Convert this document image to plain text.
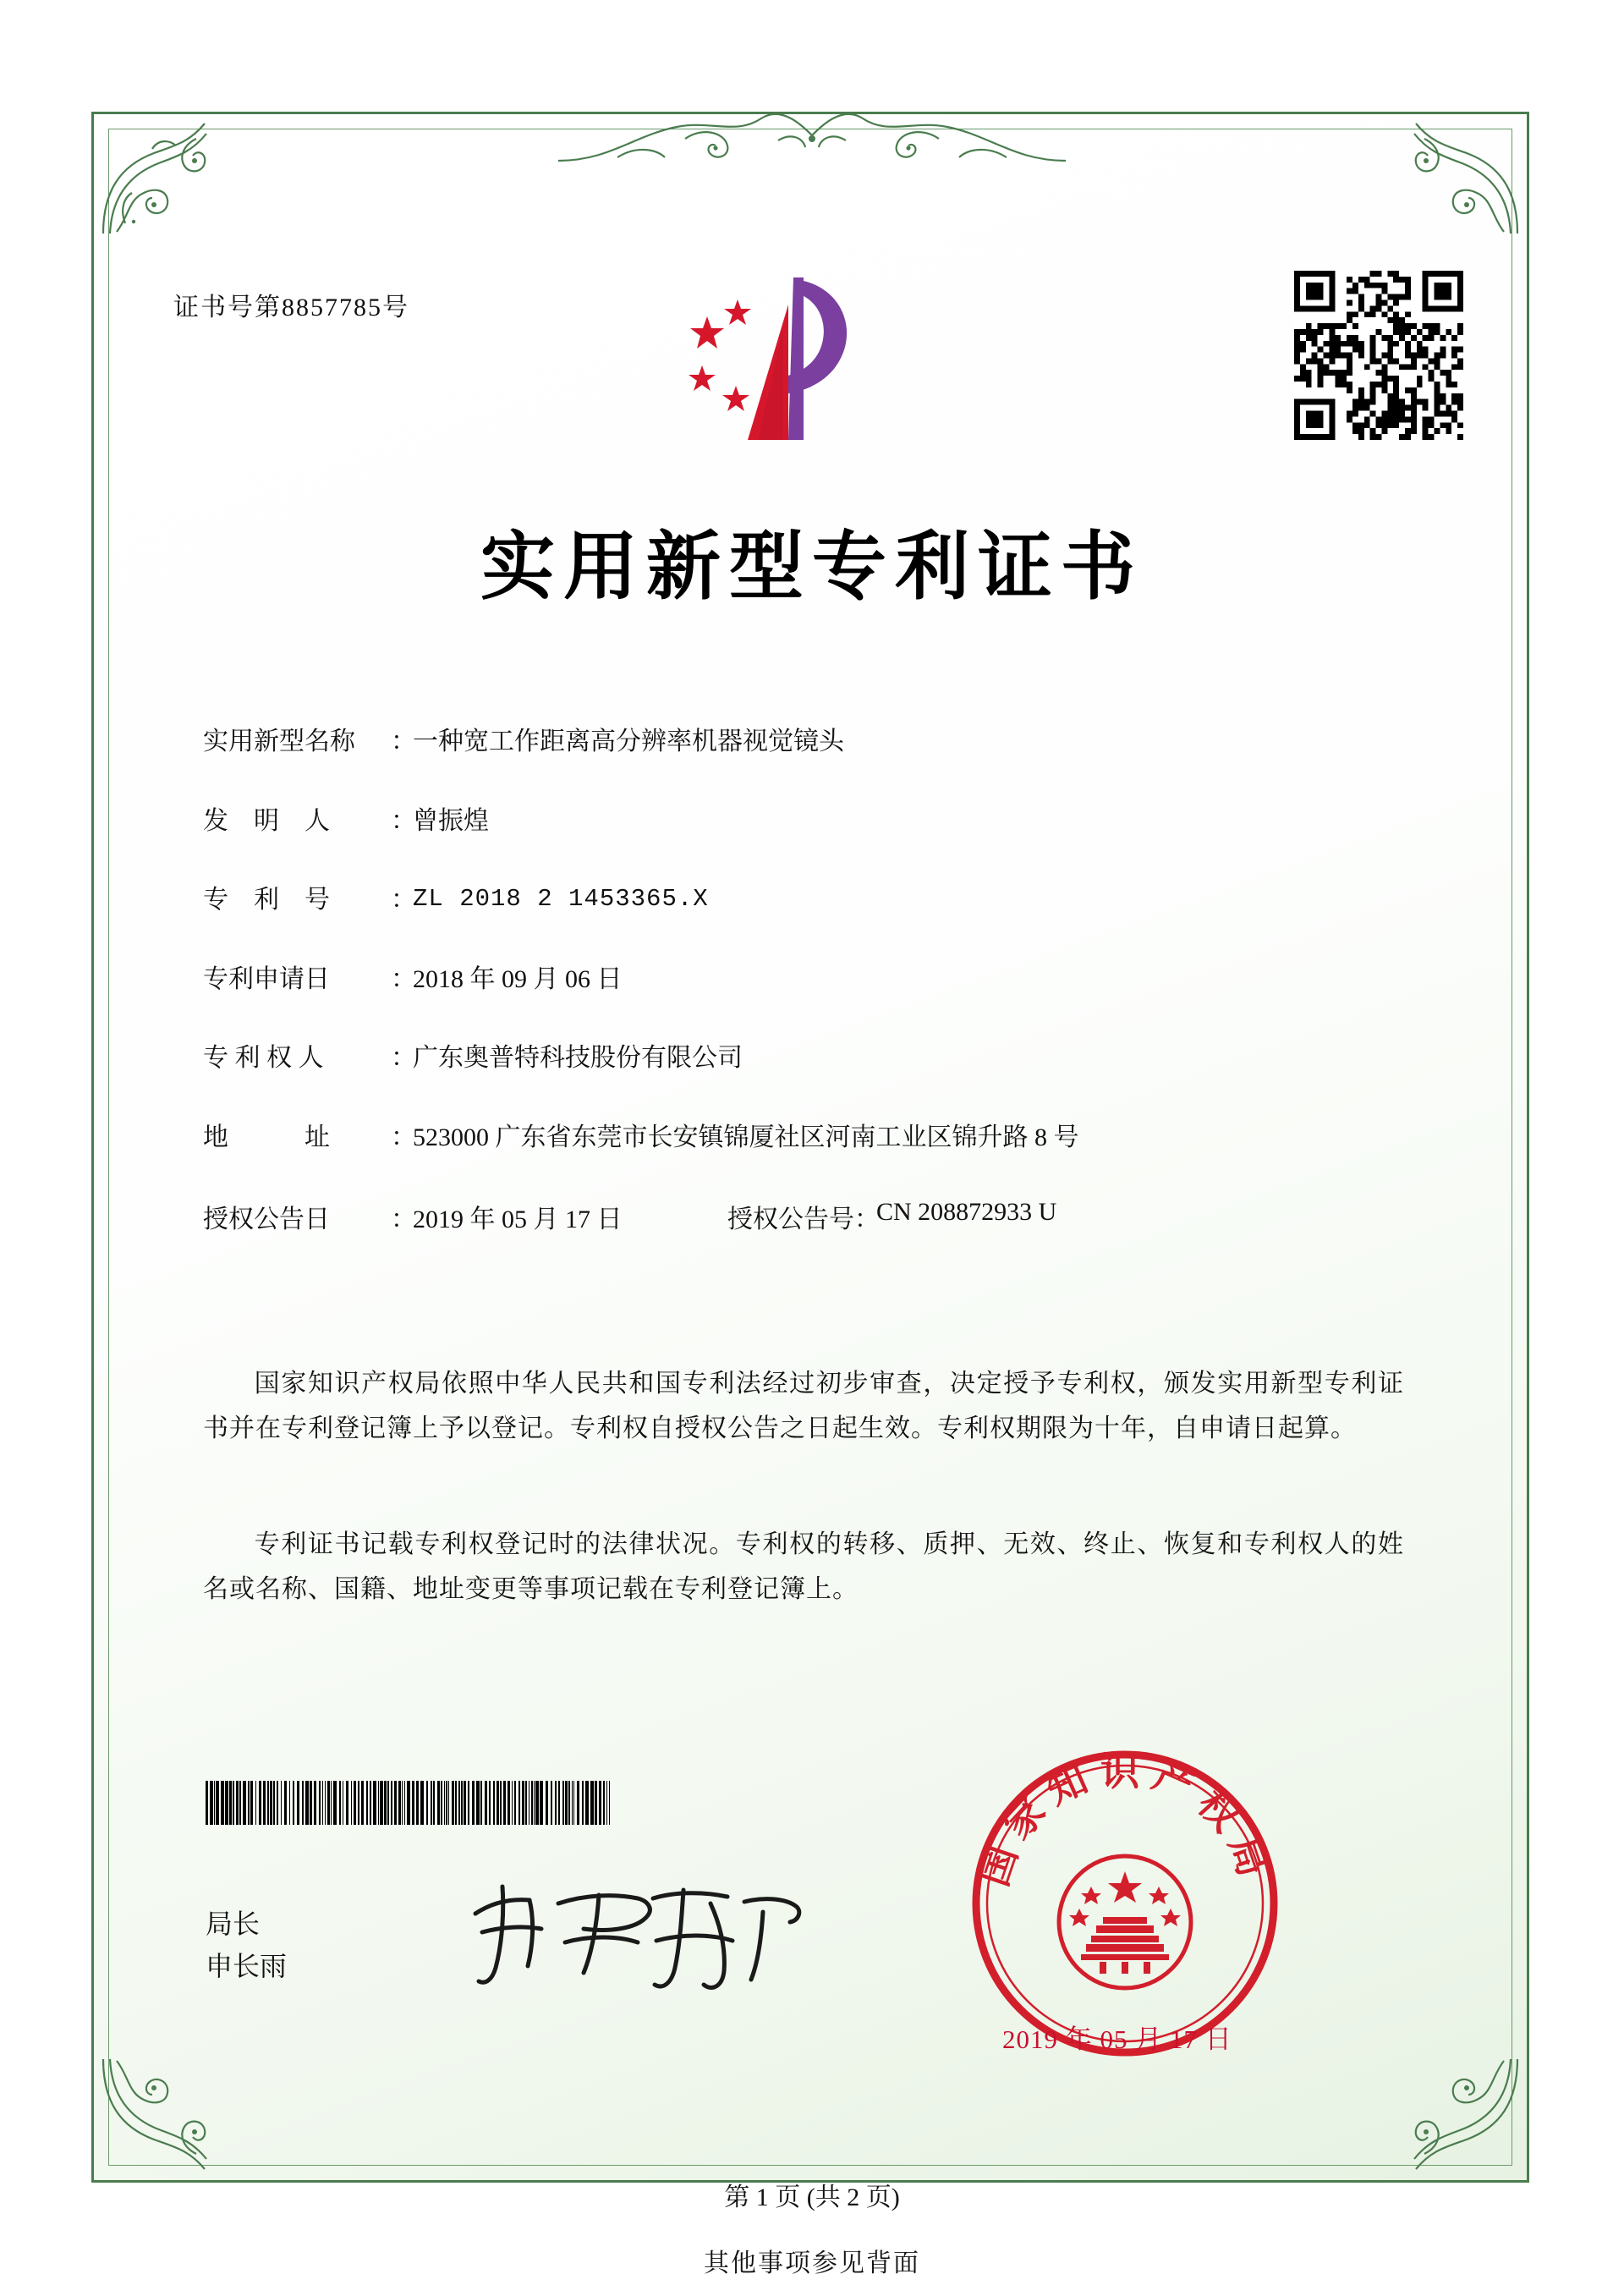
证书号第8857785号
实用新型专利证书
实用新型名称	：
一种宽工作距离高分辨率机器视觉镜头
发　明　人	：
曾振煌
专　利　号	：
ZL 2018 2 1453365.X
专利申请日	：
2018 年 09 月 06 日
专 利 权 人	：
广东奥普特科技股份有限公司
地　　　址	：
523000 广东省东莞市长安镇锦厦社区河南工业区锦升路 8 号
授权公告日	：
2019 年 05 月 17 日	授权公告号 ：
CN 208872933 U
国家知识产权局依照中华人民共和国专利法经过初步审查，决定授予专利权，颁发实用新型专利证书并在专利登记簿上予以登记。专利权自授权公告之日起生效。专利权期限为十年，自申请日起算。
专利证书记载专利权登记时的法律状况。专利权的转移、质押、无效、终止、恢复和专利权人的姓名或名称、国籍、地址变更等事项记载在专利登记簿上。
局长
申长雨
国家知识产权局
2019 年 05 月 17 日
第 1 页 (共 2 页)
其他事项参见背面
